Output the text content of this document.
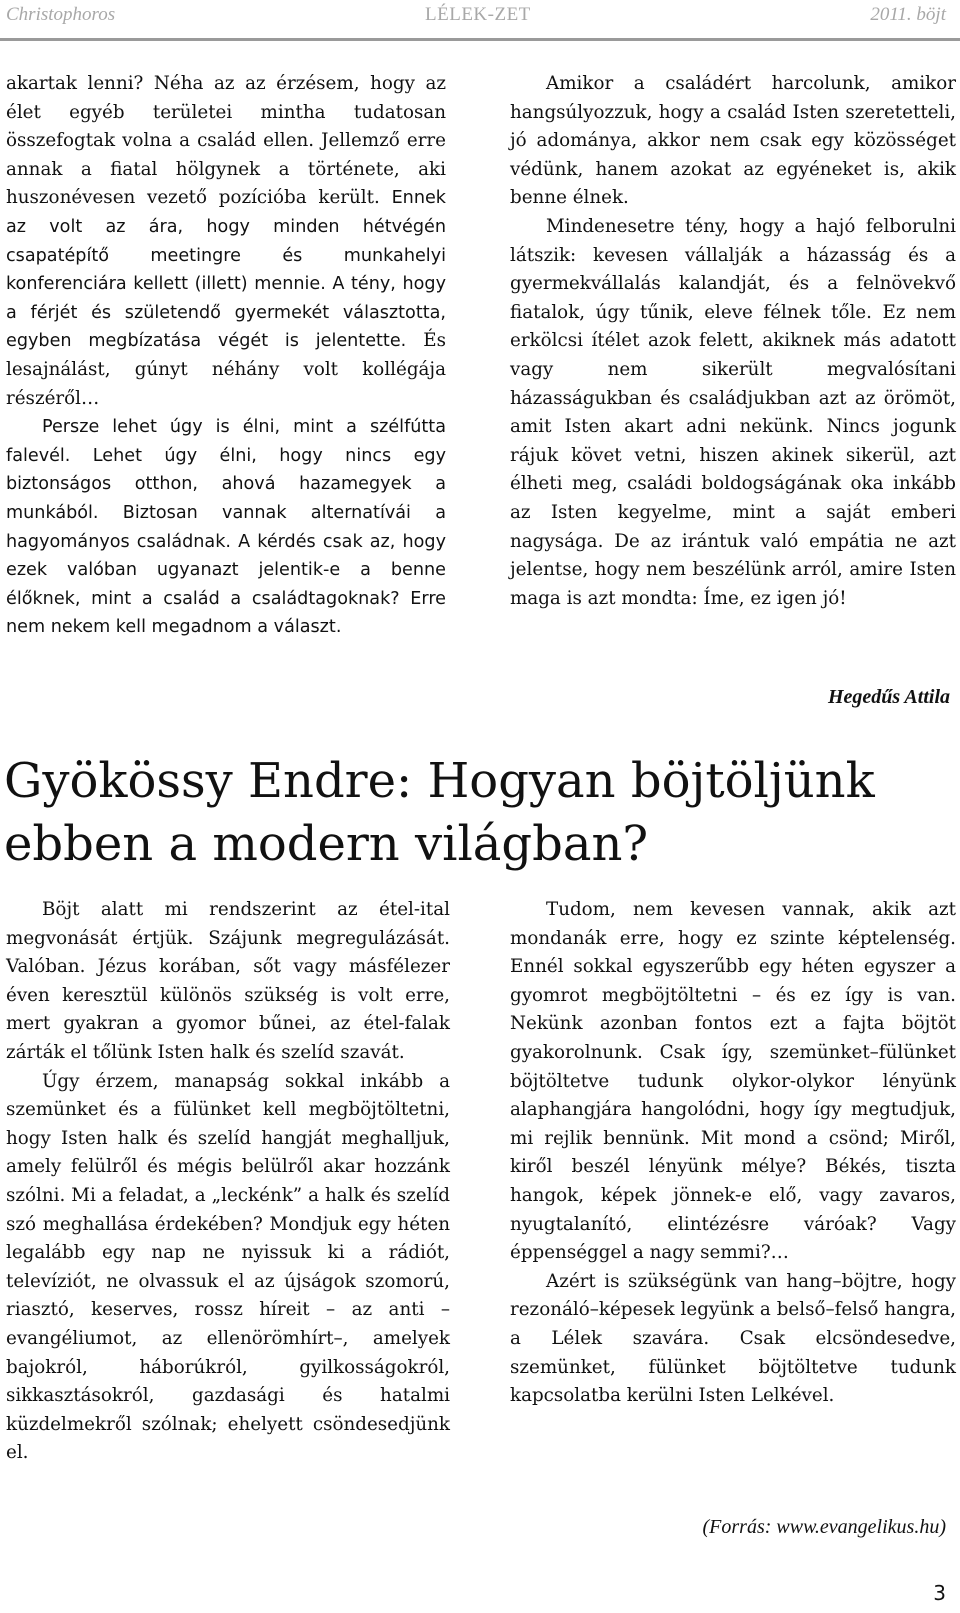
Christophoros	LÉLEK-ZET	2011. böjt

akartak lenni? Néha az az érzésem, hogy az élet egyéb területei mintha tudatosan összefogtak volna a család ellen. Jellemző erre annak a fiatal hölgynek a története, aki huszonévesen vezető pozícióba került. Ennek az volt az ára, hogy minden hétvégén csapatépítő meetingre és munkahelyi konferenciára kellett (illett) mennie. A tény, hogy a férjét és születendő gyermekét választotta, egyben megbízatása végét is jelentette. És lesajnálást, gúnyt néhány volt kollégája részéről…

Persze lehet úgy is élni, mint a szélfútta falevél. Lehet úgy élni, hogy nincs egy biztonságos otthon, ahová hazamegyek a munkából. Biztosan vannak alternatívái a hagyományos családnak. A kérdés csak az, hogy ezek valóban ugyanazt jelentik-e a benne élőknek, mint a család a családtagoknak? Erre nem nekem kell megadnom a választ.

Amikor a családért harcolunk, amikor hangsúlyozzuk, hogy a család Isten szeretetteli, jó adománya, akkor nem csak egy közösséget védünk, hanem azokat az egyéneket is, akik benne élnek.

Mindenesetre tény, hogy a hajó felborulni látszik: kevesen vállalják a házasság és a gyermekvállalás kalandját, és a felnövekvő fiatalok, úgy tűnik, eleve félnek tőle. Ez nem erkölcsi ítélet azok felett, akiknek más adatott vagy nem sikerült megvalósítani házasságukban és családjukban azt az örömöt, amit Isten akart adni nekünk. Nincs jogunk rájuk követ vetni, hiszen akinek sikerül, azt élheti meg, családi boldogságának oka inkább az Isten kegyelme, mint a saját emberi nagysága. De az irántuk való empátia ne azt jelentse, hogy nem beszélünk arról, amire Isten maga is azt mondta: Íme, ez igen jó!

Hegedűs Attila
Gyökössy Endre: Hogyan böjtöljünk ebben a modern világban?

Böjt alatt mi rendszerint az étel-ital megvonását értjük. Szájunk megregulázását. Valóban. Jézus korában, sőt vagy másfélezer éven keresztül különös szükség is volt erre, mert gyakran a gyomor bűnei, az étel-falak zárták el tőlünk Isten halk és szelíd szavát.

Úgy érzem, manapság sokkal inkább a szemünket és a fülünket kell megböjtöltetni, hogy Isten halk és szelíd hangját meghalljuk, amely felülről és mégis belülről akar hozzánk szólni. Mi a feladat, a „leckénk” a halk és szelíd szó meghallása érdekében? Mondjuk egy héten legalább egy nap ne nyissuk ki a rádiót, televíziót, ne olvassuk el az újságok szomorú, riasztó, keserves, rossz híreit – az anti – evangéliumot, az ellenörömhírt–, amelyek bajokról, háborúkról, gyilkosságokról, sikkasztásokról, gazdasági és hatalmi küzdelmekről szólnak; ehelyett csöndesedjünk el.

Tudom, nem kevesen vannak, akik azt mondanák erre, hogy ez szinte képtelenség. Ennél sokkal egyszerűbb egy héten egyszer a gyomrot megböjtöltetni – és ez így is van. Nekünk azonban fontos ezt a fajta böjtöt gyakorolnunk. Csak így, szemünket–fülünket böjtöltetve tudunk olykor-olykor lényünk alaphangjára hangolódni, hogy így megtudjuk, mi rejlik bennünk. Mit mond a csönd; Miről, kiről beszél lényünk mélye? Békés, tiszta hangok, képek jönnek-e elő, vagy zavaros, nyugtalanító, elintézésre váróak? Vagy éppenséggel a nagy semmi?…

Azért is szükségünk van hang–böjtre, hogy rezonáló–képesek legyünk a belső–felső hangra, a Lélek szavára. Csak elcsöndesedve, szemünket, fülünket böjtöltetve tudunk kapcsolatba kerülni Isten Lelkével.

(Forrás: www.evangelikus.hu)
3
